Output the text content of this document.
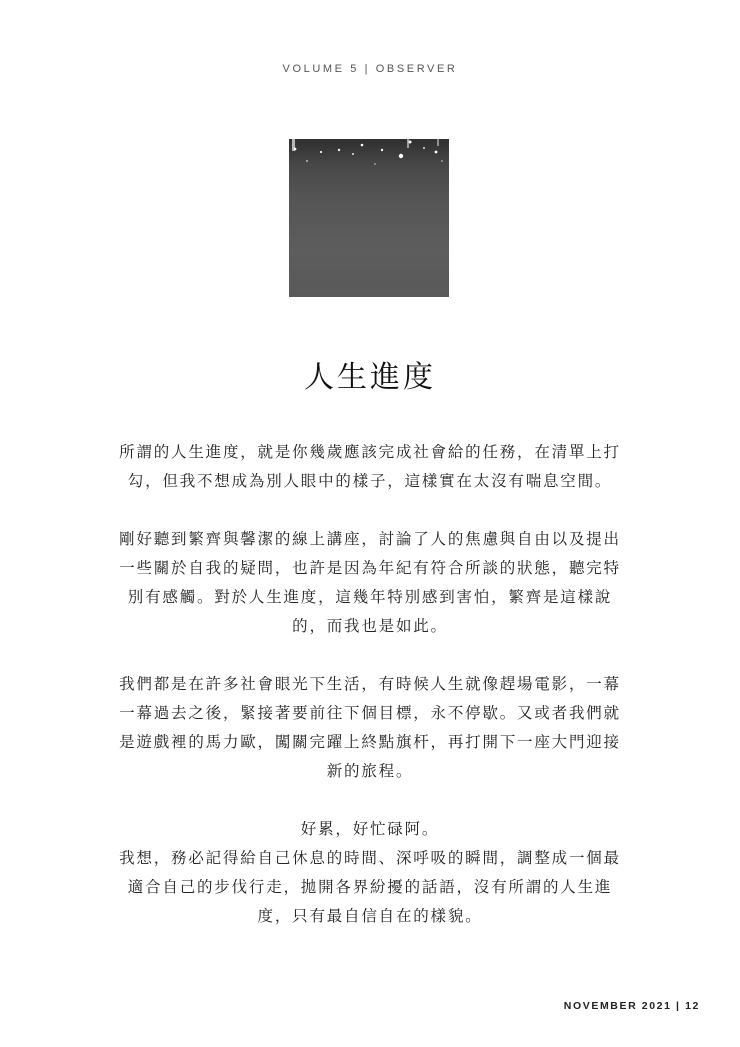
VOLUME 5 | OBSERVER
人生進度

所謂的人生進度，就是你幾歲應該完成社會給的任務，在清單上打
勾，但我不想成為別人眼中的樣子，這樣實在太沒有喘息空間。

剛好聽到繁齊與馨潔的線上講座，討論了人的焦慮與自由以及提出
一些關於自我的疑問，也許是因為年紀有符合所談的狀態，聽完特
別有感觸。對於人生進度，這幾年特別感到害怕，繁齊是這樣說
的，而我也是如此。

我們都是在許多社會眼光下生活，有時候人生就像趕場電影，一幕
一幕過去之後，緊接著要前往下個目標，永不停歇。又或者我們就
是遊戲裡的馬力歐，闖關完躍上終點旗杆，再打開下一座大門迎接
新的旅程。

好累，好忙碌阿。
我想，務必記得給自己休息的時間、深呼吸的瞬間，調整成一個最
適合自己的步伐行走，拋開各界紛擾的話語，沒有所謂的人生進
度，只有最自信自在的樣貌。

NOVEMBER 2021 | 12
